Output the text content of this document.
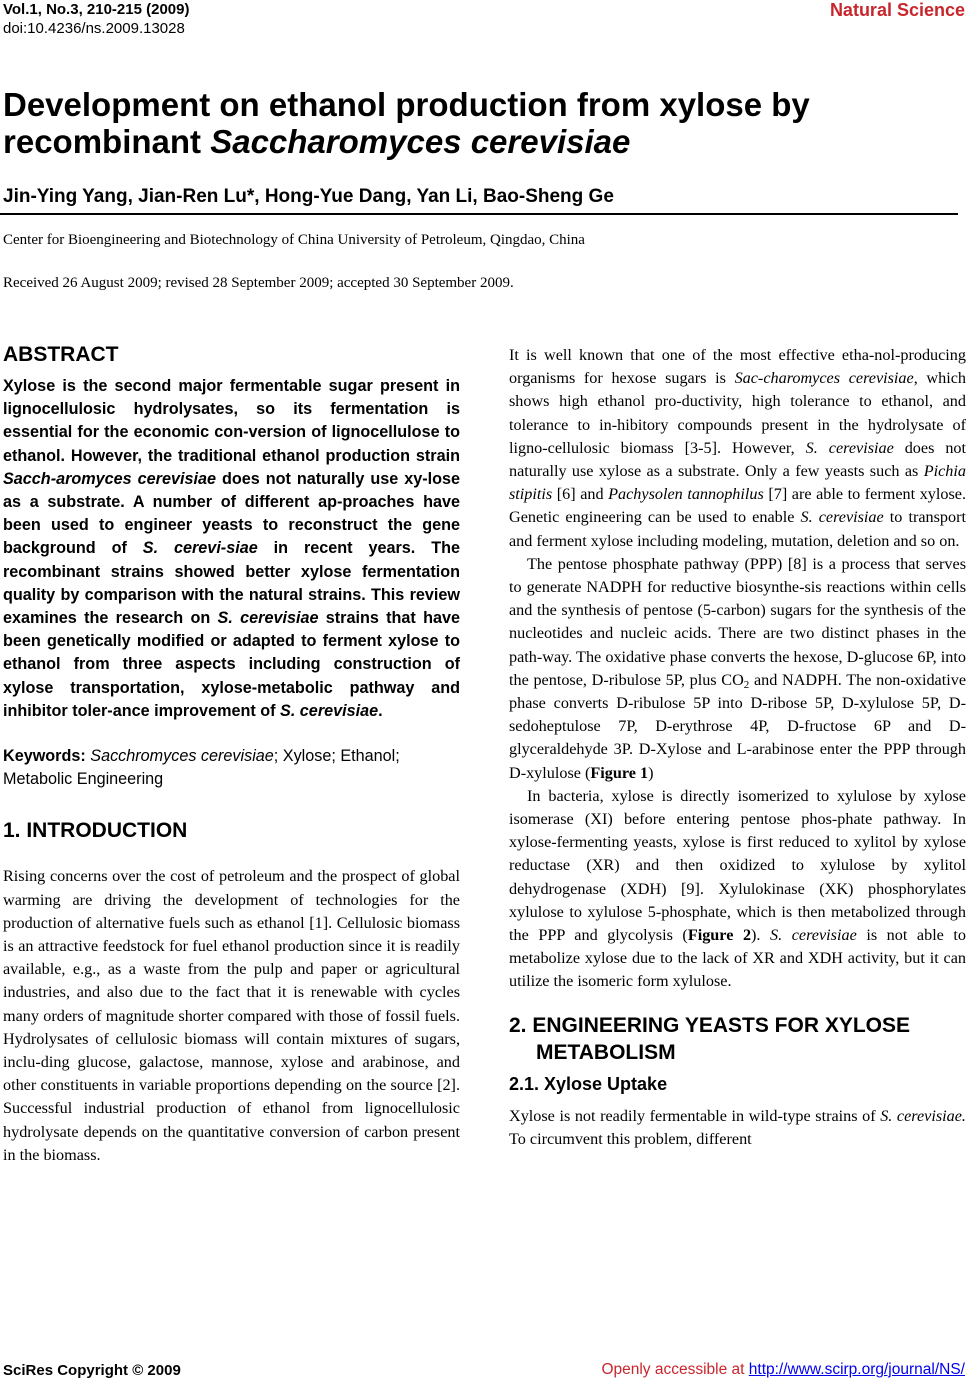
Vol.1, No.3, 210-215 (2009)
doi:10.4236/ns.2009.13028
Natural Science
Development on ethanol production from xylose by recombinant Saccharomyces cerevisiae
Jin-Ying Yang, Jian-Ren Lu*, Hong-Yue Dang, Yan Li, Bao-Sheng Ge
Center for Bioengineering and Biotechnology of China University of Petroleum, Qingdao, China
Received 26 August 2009; revised 28 September 2009; accepted 30 September 2009.
ABSTRACT

Xylose is the second major fermentable sugar present in lignocellulosic hydrolysates, so its fermentation is essential for the economic con-version of lignocellulose to ethanol. However, the traditional ethanol production strain Sacch-aromyces cerevisiae does not naturally use xy-lose as a substrate. A number of different ap-proaches have been used to engineer yeasts to reconstruct the gene background of S. cerevi-siae in recent years. The recombinant strains showed better xylose fermentation quality by comparison with the natural strains. This review examines the research on S. cerevisiae strains that have been genetically modified or adapted to ferment xylose to ethanol from three aspects including construction of xylose transportation, xylose-metabolic pathway and inhibitor toler-ance improvement of S. cerevisiae.

Keywords: Sacchromyces cerevisiae; Xylose; Ethanol; Metabolic Engineering

1. INTRODUCTION

Rising concerns over the cost of petroleum and the prospect of global warming are driving the development of technologies for the production of alternative fuels such as ethanol [1]. Cellulosic biomass is an attractive feedstock for fuel ethanol production since it is readily available, e.g., as a waste from the pulp and paper or agricultural industries, and also due to the fact that it is renewable with cycles many orders of magnitude shorter compared with those of fossil fuels. Hydrolysates of cellulosic biomass will contain mixtures of sugars, inclu-ding glucose, galactose, mannose, xylose and arabinose, and other constituents in variable proportions depending on the source [2]. Successful industrial production of ethanol from lignocellulosic hydrolysate depends on the quantitative conversion of carbon present in the biomass.

It is well known that one of the most effective etha-nol-producing organisms for hexose sugars is Sac-charomyces cerevisiae, which shows high ethanol pro-ductivity, high tolerance to ethanol, and tolerance to in-hibitory compounds present in the hydrolysate of ligno-cellulosic biomass [3-5]. However, S. cerevisiae does not naturally use xylose as a substrate. Only a few yeasts such as Pichia stipitis [6] and Pachysolen tannophilus [7] are able to ferment xylose. Genetic engineering can be used to enable S. cerevisiae to transport and ferment xylose including modeling, mutation, deletion and so on.

The pentose phosphate pathway (PPP) [8] is a process that serves to generate NADPH for reductive biosynthe-sis reactions within cells and the synthesis of pentose (5-carbon) sugars for the synthesis of the nucleotides and nucleic acids. There are two distinct phases in the path-way. The oxidative phase converts the hexose, D-glucose 6P, into the pentose, D-ribulose 5P, plus $CO_2$ and NADPH. The non-oxidative phase converts D-ribulose 5P into D-ribose 5P, D-xylulose 5P, D- sedoheptulose 7P, D-erythrose 4P, D-fructose 6P and D- glyceraldehyde 3P. D-Xylose and L-arabinose enter the PPP through D-xylulose (Figure 1)

In bacteria, xylose is directly isomerized to xylulose by xylose isomerase (XI) before entering pentose phos-phate pathway. In xylose-fermenting yeasts, xylose is first reduced to xylitol by xylose reductase (XR) and then oxidized to xylulose by xylitol dehydrogenase (XDH) [9]. Xylulokinase (XK) phosphorylates xylulose to xylulose 5-phosphate, which is then metabolized through the PPP and glycolysis (Figure 2). S. cerevisiae is not able to metabolize xylose due to the lack of XR and XDH activity, but it can utilize the isomeric form xylulose.

2. ENGINEERING YEASTS FOR XYLOSE METABOLISM
2.1. Xylose Uptake

Xylose is not readily fermentable in wild-type strains of S. cerevisiae. To circumvent this problem, different

SciRes Copyright © 2009	Openly accessible at http://www.scirp.org/journal/NS/
